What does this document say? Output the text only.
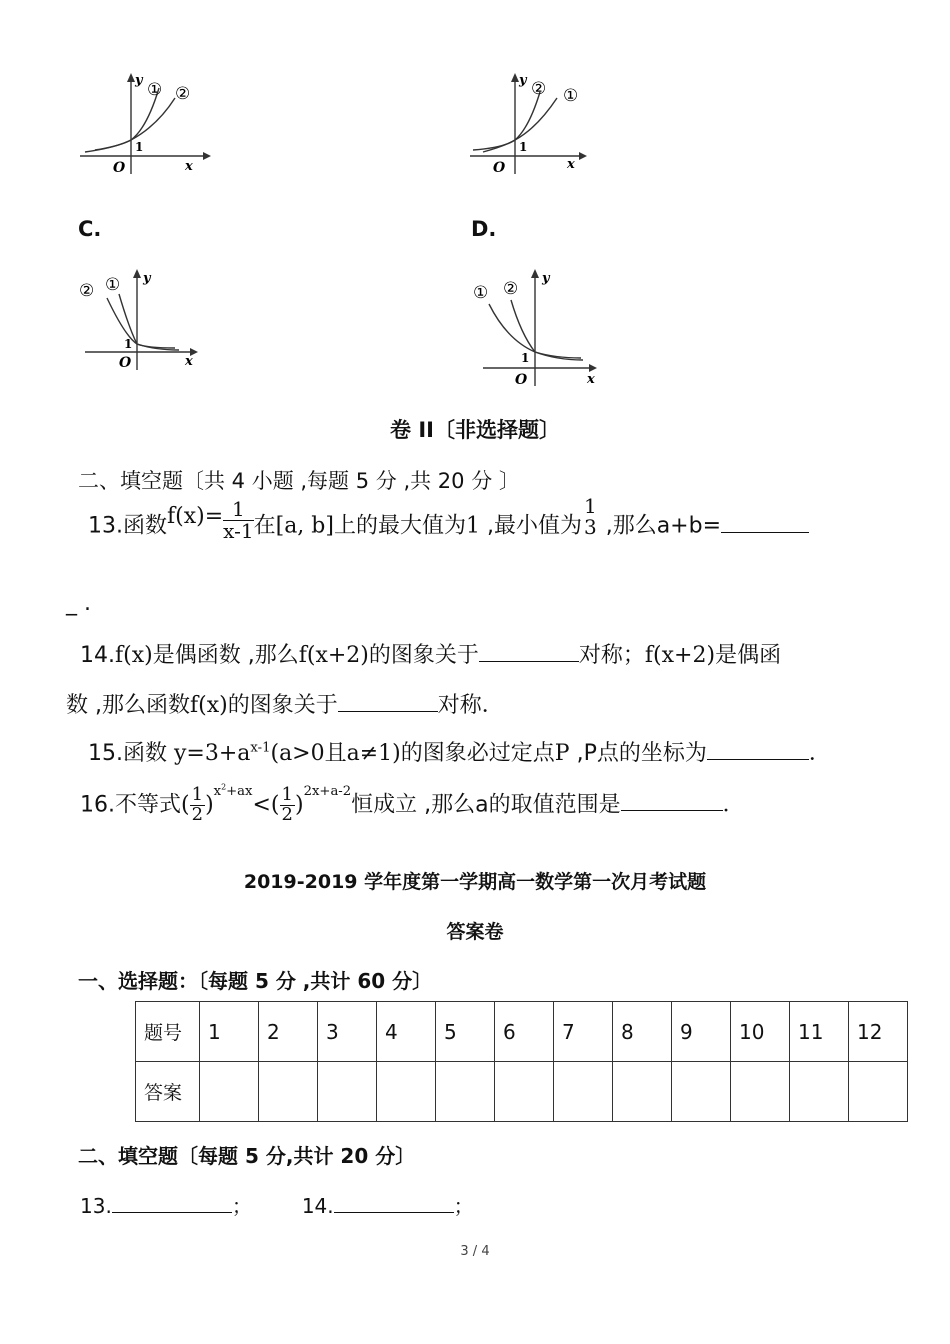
1
O	x
y ① ②
1
O	x
y ② ①
C.	D.
1
O	x
y
② ①
1
O	x
y
① ②
卷 II〔非选择题〕
二、填空题〔共 4 小题 ,每题 5 分 ,共 20 分 〕
13.函数$f(x)= \frac{1}{x-1}$ 在[a, b]上的最大值为1 ,最小值为
1
3 ,那么a+b=
_ .
14.f(x)是偶函数 ,那么f(x+2)的图象关于	对称；f(x+2)是偶函
数 ,那么函数f(x)的图象关于	对称．
15.函数 $y=3+a^{x-1}(a>0$且a≠1)的图象必过定点P ,P点的坐标为	．
16.不等式( $\frac{1}{2} )^{x^2+ax}<( \frac{1}{2} )^{2x+a-2}$恒成立 ,那么a的取值范围是	．
2019-2019 学年度第一学期高一数学第一次月考试题
答案卷
一、选择题：〔每题 5 分 ,共计 60 分〕
题号	1	2	3	4	5	6	7	8	9	10	11	12
答案												
二、填空题〔每题 5 分,共计 20 分〕
13.	；	14.	；
3 / 4
